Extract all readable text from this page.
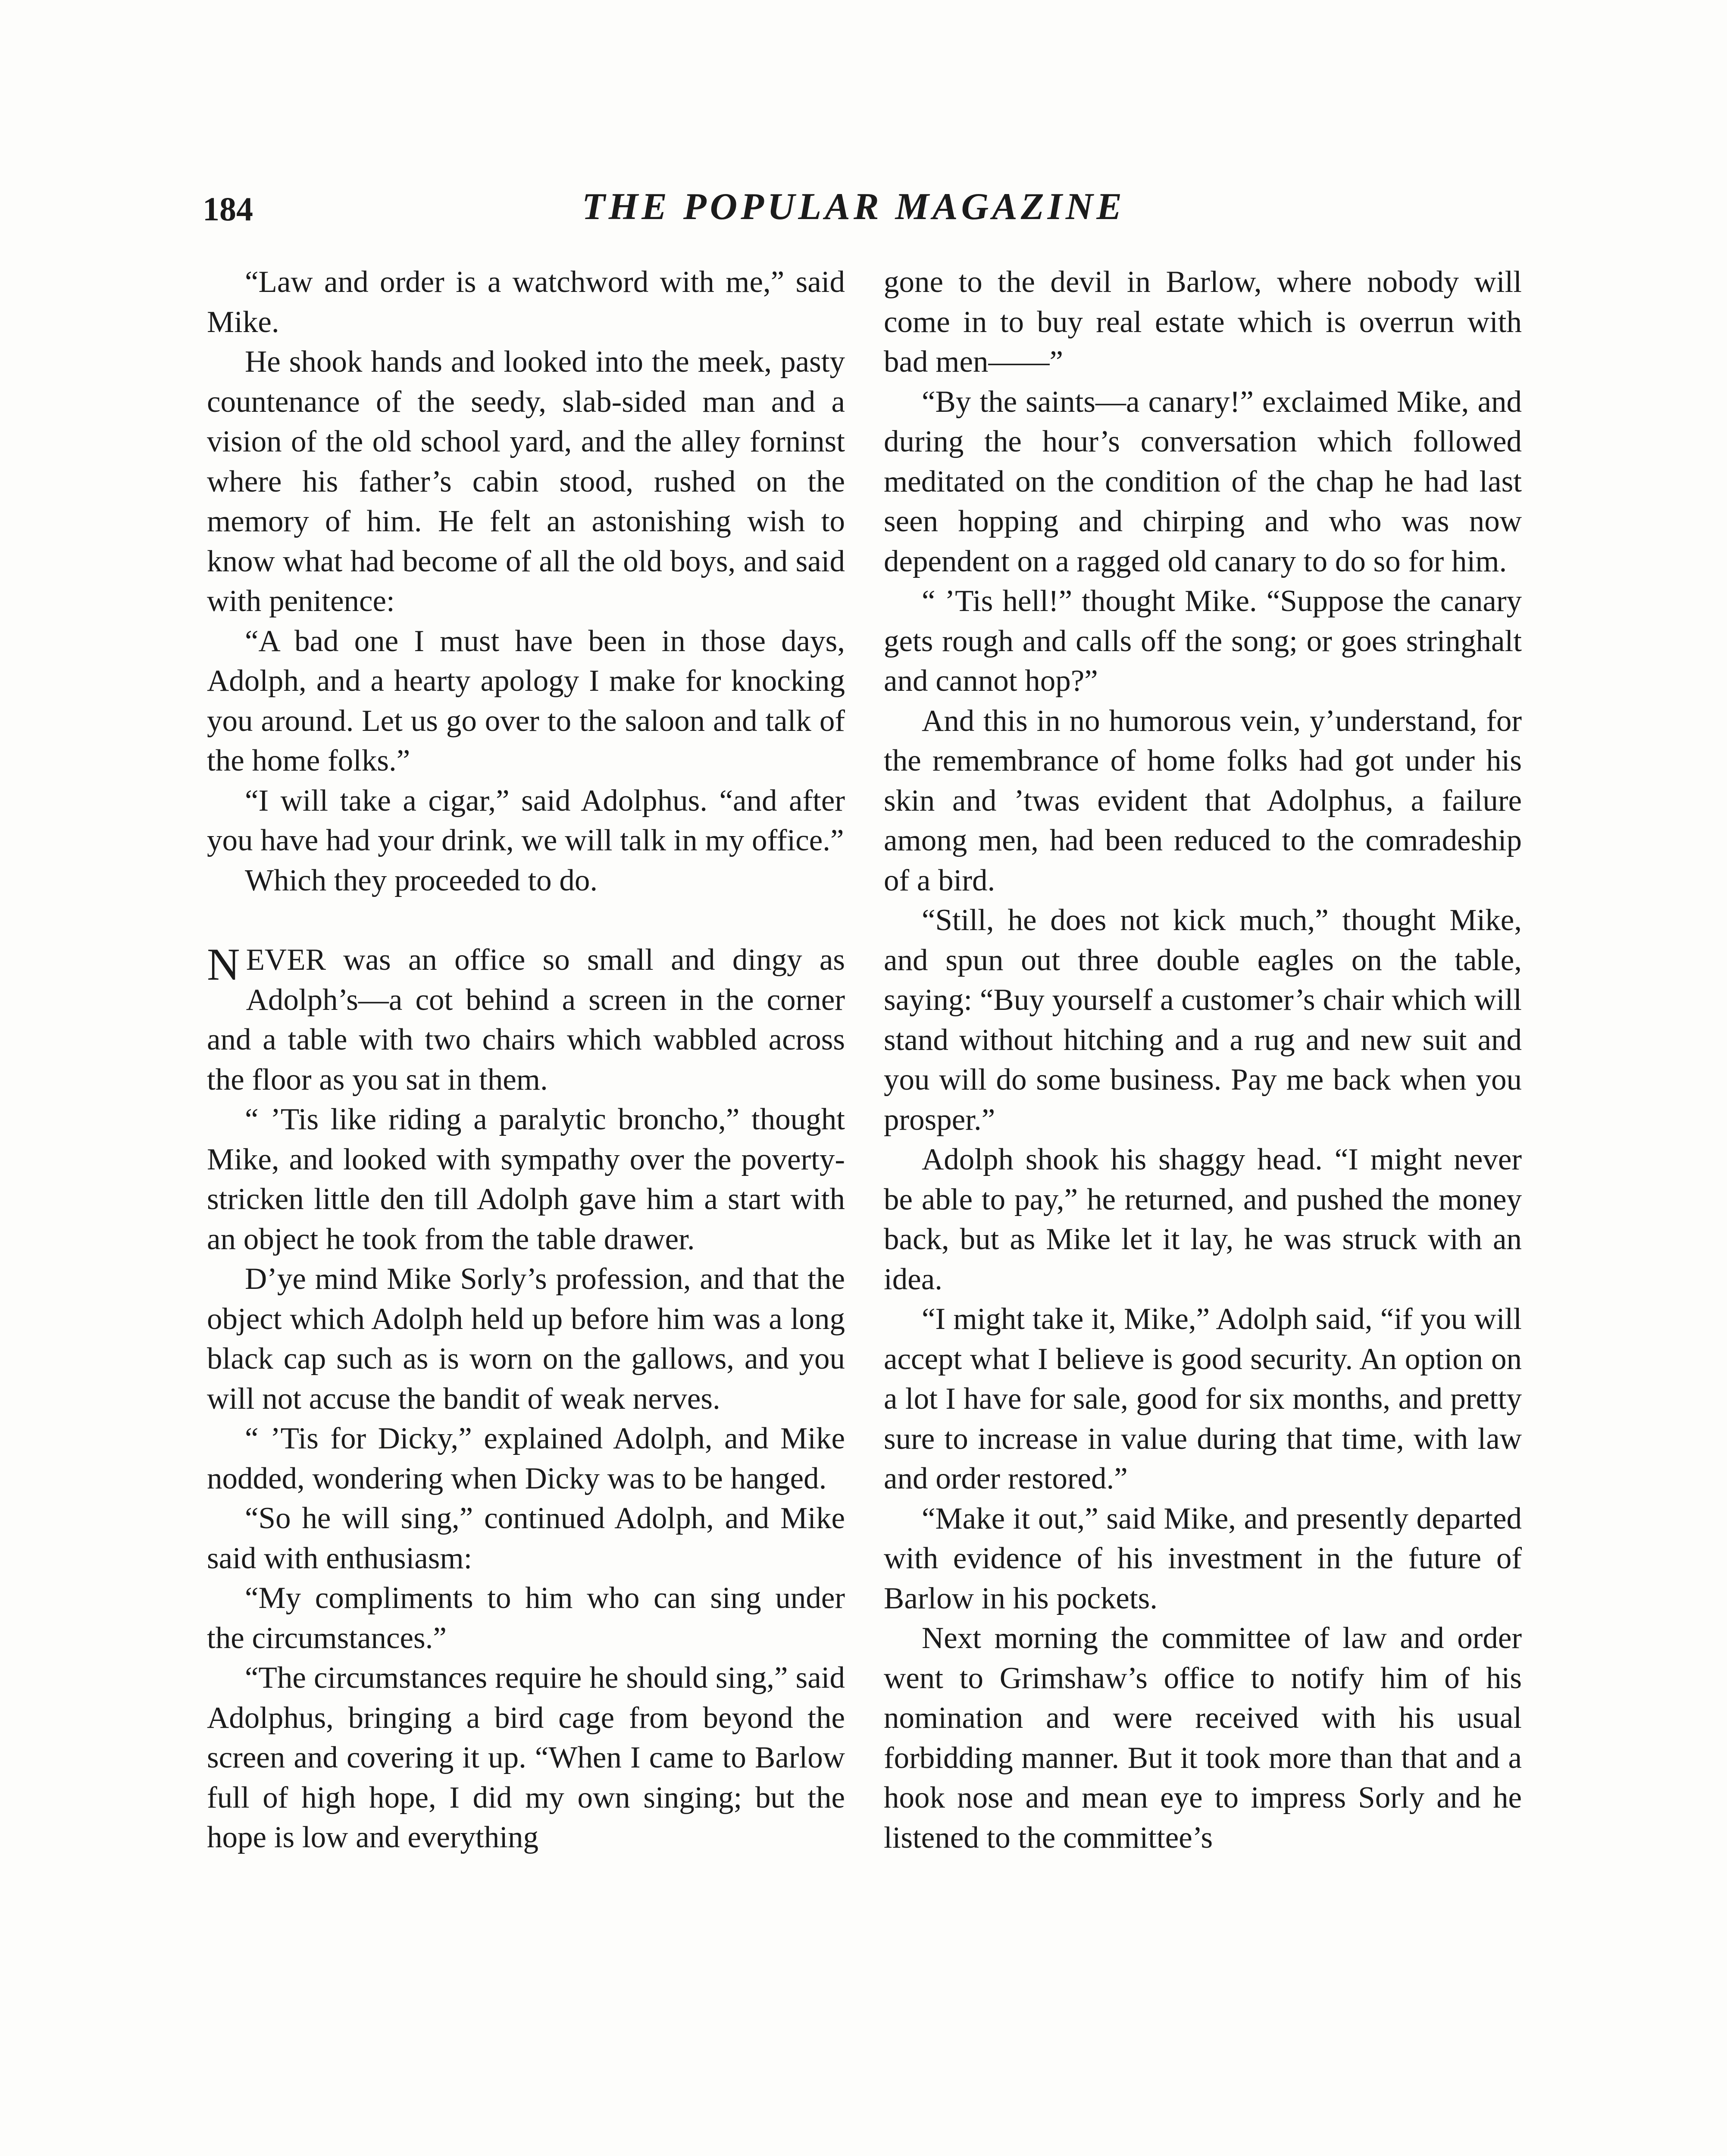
184	THE POPULAR MAGAZINE

“Law and order is a watchword with me,” said Mike.

He shook hands and looked into the meek, pasty countenance of the seedy, slab-sided man and a vision of the old school yard, and the alley forninst where his father’s cabin stood, rushed on the memory of him. He felt an astonishing wish to know what had become of all the old boys, and said with penitence:

“A bad one I must have been in those days, Adolph, and a hearty apology I make for knocking you around. Let us go over to the saloon and talk of the home folks.”

“I will take a cigar,” said Adolphus. “and after you have had your drink, we will talk in my office.”

Which they proceeded to do.

N EVER was an office so small and dingy as Adolph’s—a cot behind a screen in the corner and a table with two chairs which wabbled across the floor as you sat in them.

“ ’Tis like riding a paralytic broncho,” thought Mike, and looked with sympathy over the poverty-stricken little den till Adolph gave him a start with an object he took from the table drawer.

D’ye mind Mike Sorly’s profession, and that the object which Adolph held up before him was a long black cap such as is worn on the gallows, and you will not accuse the bandit of weak nerves.

“ ’Tis for Dicky,” explained Adolph, and Mike nodded, wondering when Dicky was to be hanged.

“So he will sing,” continued Adolph, and Mike said with enthusiasm:

“My compliments to him who can sing under the circumstances.”

“The circumstances require he should sing,” said Adolphus, bringing a bird cage from beyond the screen and covering it up. “When I came to Barlow full of high hope, I did my own singing; but the hope is low and everything

gone to the devil in Barlow, where nobody will come in to buy real estate which is overrun with bad men——”

“By the saints—a canary!” exclaimed Mike, and during the hour’s conversation which followed meditated on the condition of the chap he had last seen hopping and chirping and who was now dependent on a ragged old canary to do so for him.

“ ’Tis hell!” thought Mike. “Suppose the canary gets rough and calls off the song; or goes stringhalt and cannot hop?”

And this in no humorous vein, y’understand, for the remembrance of home folks had got under his skin and ’twas evident that Adolphus, a failure among men, had been reduced to the comradeship of a bird.

“Still, he does not kick much,” thought Mike, and spun out three double eagles on the table, saying: “Buy yourself a customer’s chair which will stand without hitching and a rug and new suit and you will do some business. Pay me back when you prosper.”

Adolph shook his shaggy head. “I might never be able to pay,” he returned, and pushed the money back, but as Mike let it lay, he was struck with an idea.

“I might take it, Mike,” Adolph said, “if you will accept what I believe is good security. An option on a lot I have for sale, good for six months, and pretty sure to increase in value during that time, with law and order restored.”

“Make it out,” said Mike, and presently departed with evidence of his investment in the future of Barlow in his pockets.

Next morning the committee of law and order went to Grimshaw’s office to notify him of his nomination and were received with his usual forbidding manner. But it took more than that and a hook nose and mean eye to impress Sorly and he listened to the committee’s
